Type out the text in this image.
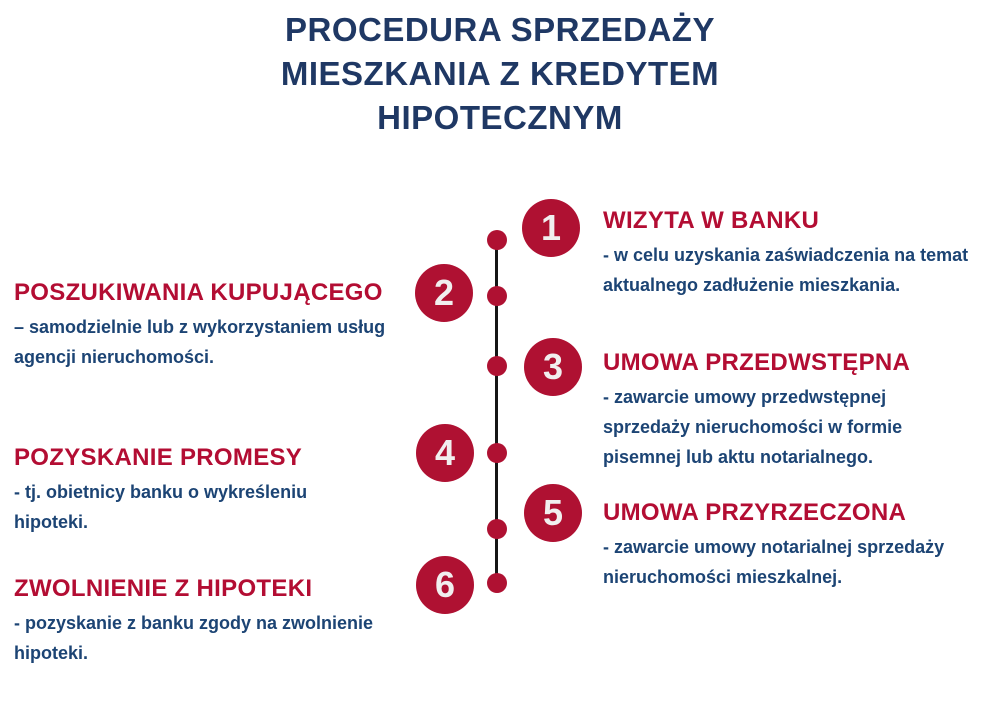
PROCEDURA SPRZEDAŻY
MIESZKANIA Z KREDYTEM
HIPOTECZNYM
1
2
3
4
5
6
WIZYTA W BANKU
- w celu uzyskania zaświadczenia na temat
aktualnego zadłużenie mieszkania.
POSZUKIWANIA KUPUJĄCEGO
– samodzielnie lub z wykorzystaniem usług
agencji nieruchomości.	UMOWA PRZEDWSTĘPNA
- zawarcie umowy przedwstępnej
sprzedaży nieruchomości w formie
pisemnej lub aktu notarialnego.
POZYSKANIE PROMESY
- tj. obietnicy banku o wykreśleniu
hipoteki.	UMOWA PRZYRZECZONA
- zawarcie umowy notarialnej sprzedaży
nieruchomości mieszkalnej.
ZWOLNIENIE Z HIPOTEKI
- pozyskanie z banku zgody na zwolnienie
hipoteki.
